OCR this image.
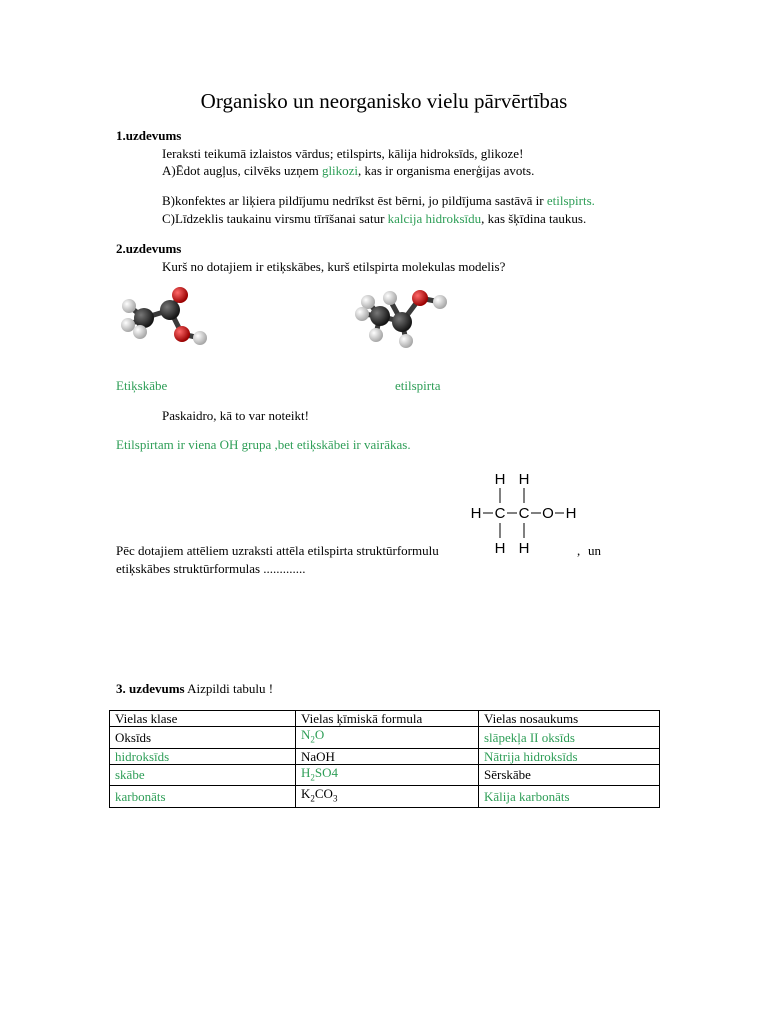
Organisko un neorganisko vielu pārvērtības
1.uzdevums
Ieraksti teikumā izlaistos vārdus; etilspirts, kālija hidroksīds, glikoze!
A)Ēdot augļus, cilvēks uzņem glikozi, kas ir organisma enerģijas avots.
B)konfektes ar liķiera pildījumu nedrīkst ēst bērni, jo pildījuma sastāvā ir etilspirts.
C)Līdzeklis taukainu virsmu tīrīšanai satur kalcija hidroksīdu, kas šķīdina taukus.
2.uzdevums
Kurš no dotajiem ir etiķskābes, kurš etilspirta molekulas modelis?
Etiķskābe	etilspirta
Paskaidro, kā to var noteikt!
Etilspirtam ir viena OH grupa ,bet etiķskābei ir vairākas.
H H
H C C O H
H H
Pēc dotajiem attēliem uzraksti attēla etilspirta struktūrformulu	, un
etiķskābes struktūrformulas .............
3. uzdevums Aizpildi tabulu !
Vielas klase	Vielas ķīmiskā formula	Vielas nosaukums
Oksīds	$N_2O$	slāpekļa II oksīds
hidroksīds	NaOH	Nātrija hidroksīds
skābe	$H_2SO4$	Sērskābe
karbonāts	$K_2CO_3$	Kālija karbonāts
